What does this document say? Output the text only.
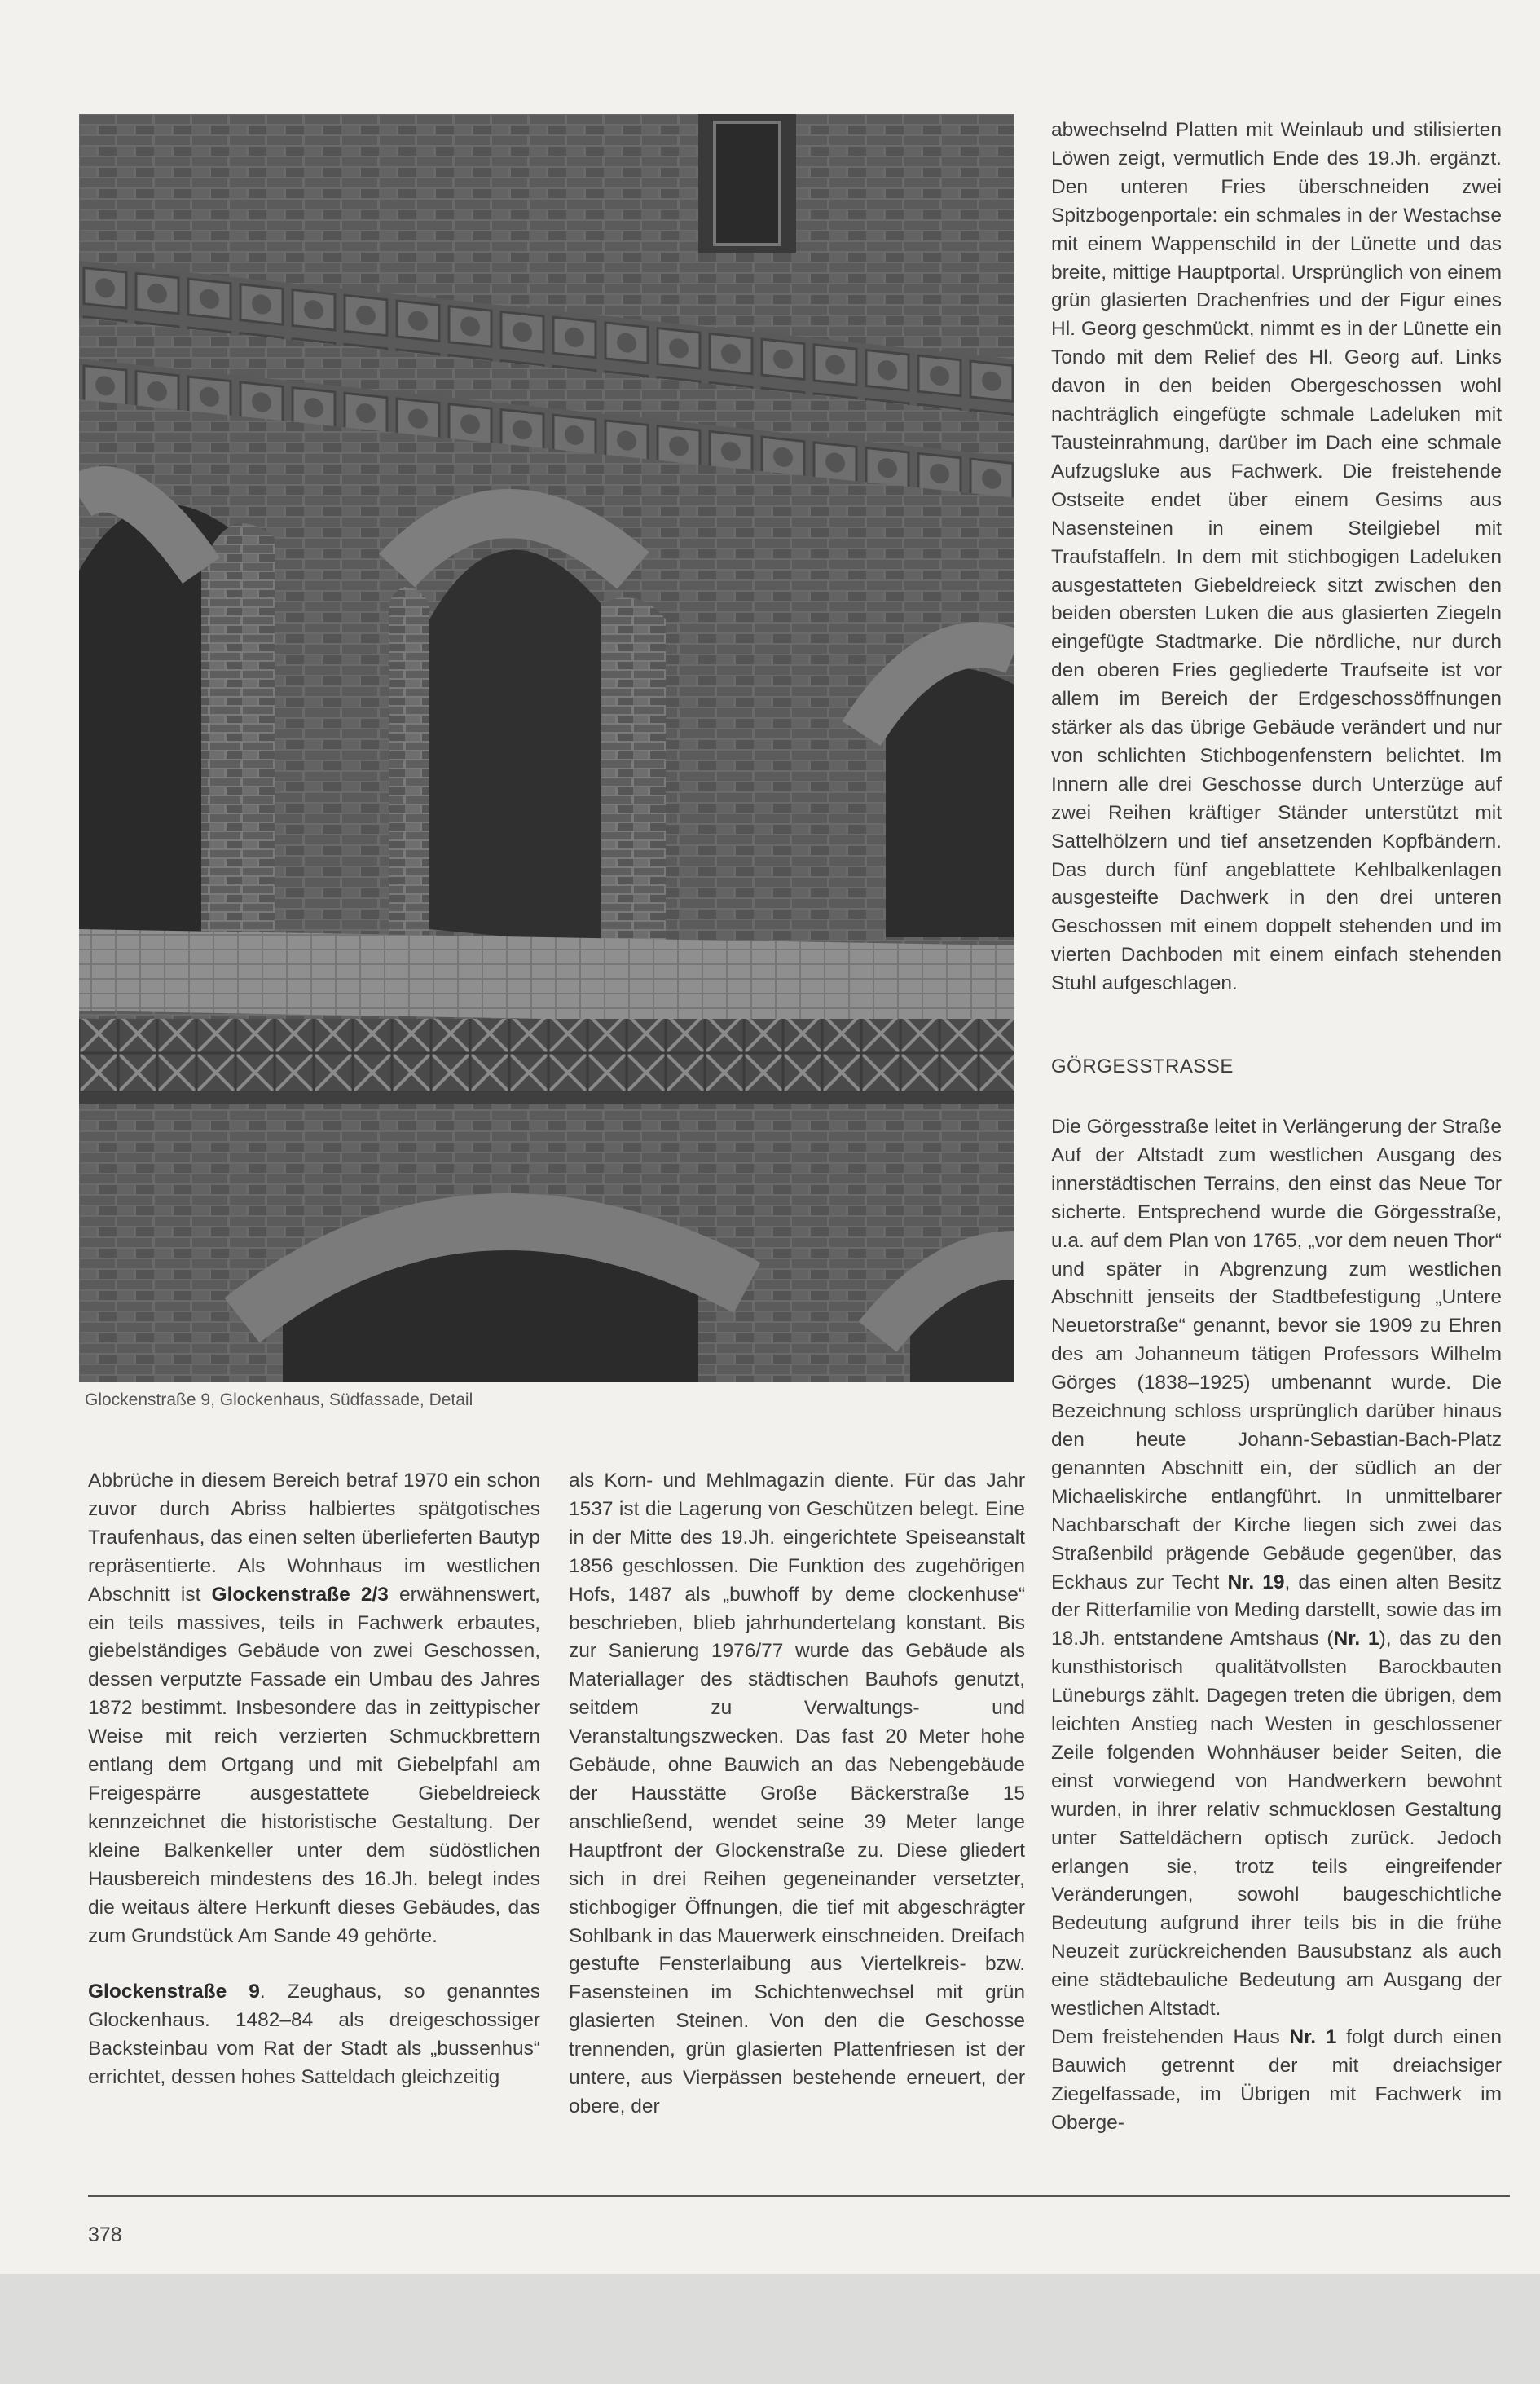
Glockenstraße 9, Glockenhaus, Südfassade, Detail

Abbrüche in diesem Bereich betraf 1970 ein schon zuvor durch Abriss halbiertes spätgotisches Traufenhaus, das einen selten überlieferten Bautyp repräsentierte. Als Wohnhaus im westlichen Abschnitt ist Glockenstraße 2/3 erwähnenswert, ein teils massives, teils in Fachwerk erbautes, giebelständiges Gebäude von zwei Geschossen, dessen verputzte Fassade ein Umbau des Jahres 1872 bestimmt. Insbesondere das in zeittypischer Weise mit reich verzierten Schmuckbrettern entlang dem Ortgang und mit Giebelpfahl am Freigespärre ausgestattete Giebeldreieck kennzeichnet die historistische Gestaltung. Der kleine Balkenkeller unter dem südöstlichen Hausbereich mindestens des 16.Jh. belegt indes die weitaus ältere Herkunft dieses Gebäudes, das zum Grundstück Am Sande 49 gehörte.

Glockenstraße 9. Zeughaus, so genanntes Glockenhaus. 1482–84 als dreigeschossiger Backsteinbau vom Rat der Stadt als „bussenhus“ errichtet, dessen hohes Satteldach gleichzeitig

als Korn- und Mehlmagazin diente. Für das Jahr 1537 ist die Lagerung von Geschützen belegt. Eine in der Mitte des 19.Jh. eingerichtete Speiseanstalt 1856 geschlossen. Die Funktion des zugehörigen Hofs, 1487 als „buwhoff by deme clockenhuse“ beschrieben, blieb jahrhundertelang konstant. Bis zur Sanierung 1976/77 wurde das Gebäude als Materiallager des städtischen Bauhofs genutzt, seitdem zu Verwaltungs- und Veranstaltungszwecken. Das fast 20 Meter hohe Gebäude, ohne Bauwich an das Nebengebäude der Hausstätte Große Bäckerstraße 15 anschließend, wendet seine 39 Meter lange Hauptfront der Glockenstraße zu. Diese gliedert sich in drei Reihen gegeneinander versetzter, stichbogiger Öffnungen, die tief mit abgeschrägter Sohlbank in das Mauerwerk einschneiden. Dreifach gestufte Fensterlaibung aus Viertelkreis- bzw. Fasensteinen im Schichtenwechsel mit grün glasierten Steinen. Von den die Geschosse trennenden, grün glasierten Plattenfriesen ist der untere, aus Vierpässen bestehende erneuert, der obere, der

abwechselnd Platten mit Weinlaub und stilisierten Löwen zeigt, vermutlich Ende des 19.Jh. ergänzt. Den unteren Fries überschneiden zwei Spitzbogenportale: ein schmales in der Westachse mit einem Wappenschild in der Lünette und das breite, mittige Hauptportal. Ursprünglich von einem grün glasierten Drachenfries und der Figur eines Hl. Georg geschmückt, nimmt es in der Lünette ein Tondo mit dem Relief des Hl. Georg auf. Links davon in den beiden Obergeschossen wohl nachträglich eingefügte schmale Ladeluken mit Tausteinrahmung, darüber im Dach eine schmale Aufzugsluke aus Fachwerk. Die freistehende Ostseite endet über einem Gesims aus Nasensteinen in einem Steilgiebel mit Traufstaffeln. In dem mit stichbogigen Ladeluken ausgestatteten Giebeldreieck sitzt zwischen den beiden obersten Luken die aus glasierten Ziegeln eingefügte Stadtmarke. Die nördliche, nur durch den oberen Fries gegliederte Traufseite ist vor allem im Bereich der Erdgeschossöffnungen stärker als das übrige Gebäude verändert und nur von schlichten Stichbogenfenstern belichtet. Im Innern alle drei Geschosse durch Unterzüge auf zwei Reihen kräftiger Ständer unterstützt mit Sattelhölzern und tief ansetzenden Kopfbändern. Das durch fünf angeblattete Kehlbalkenlagen ausgesteifte Dachwerk in den drei unteren Geschossen mit einem doppelt stehenden und im vierten Dachboden mit einem einfach stehenden Stuhl aufgeschlagen.

GÖRGESSTRASSE

Die Görgesstraße leitet in Verlängerung der Straße Auf der Altstadt zum westlichen Ausgang des innerstädtischen Terrains, den einst das Neue Tor sicherte. Entsprechend wurde die Görgesstraße, u.a. auf dem Plan von 1765, „vor dem neuen Thor“ und später in Abgrenzung zum westlichen Abschnitt jenseits der Stadtbefestigung „Untere Neuetorstraße“ genannt, bevor sie 1909 zu Ehren des am Johanneum tätigen Professors Wilhelm Görges (1838–1925) umbenannt wurde. Die Bezeichnung schloss ursprünglich darüber hinaus den heute Johann-Sebastian-Bach-Platz genannten Abschnitt ein, der südlich an der Michaeliskirche entlangführt. In unmittelbarer Nachbarschaft der Kirche liegen sich zwei das Straßenbild prägende Gebäude gegenüber, das Eckhaus zur Techt Nr. 19, das einen alten Besitz der Ritterfamilie von Meding darstellt, sowie das im 18.Jh. entstandene Amtshaus (Nr. 1), das zu den kunsthistorisch qualitätvollsten Barockbauten Lüneburgs zählt. Dagegen treten die übrigen, dem leichten Anstieg nach Westen in geschlossener Zeile folgenden Wohnhäuser beider Seiten, die einst vorwiegend von Handwerkern bewohnt wurden, in ihrer relativ schmucklosen Gestaltung unter Satteldächern optisch zurück. Jedoch erlangen sie, trotz teils eingreifender Veränderungen, sowohl baugeschichtliche Bedeutung aufgrund ihrer teils bis in die frühe Neuzeit zurückreichenden Bausubstanz als auch eine städtebauliche Bedeutung am Ausgang der westlichen Altstadt.

Dem freistehenden Haus Nr. 1 folgt durch einen Bauwich getrennt der mit dreiachsiger Ziegelfassade, im Übrigen mit Fachwerk im Oberge-

378
